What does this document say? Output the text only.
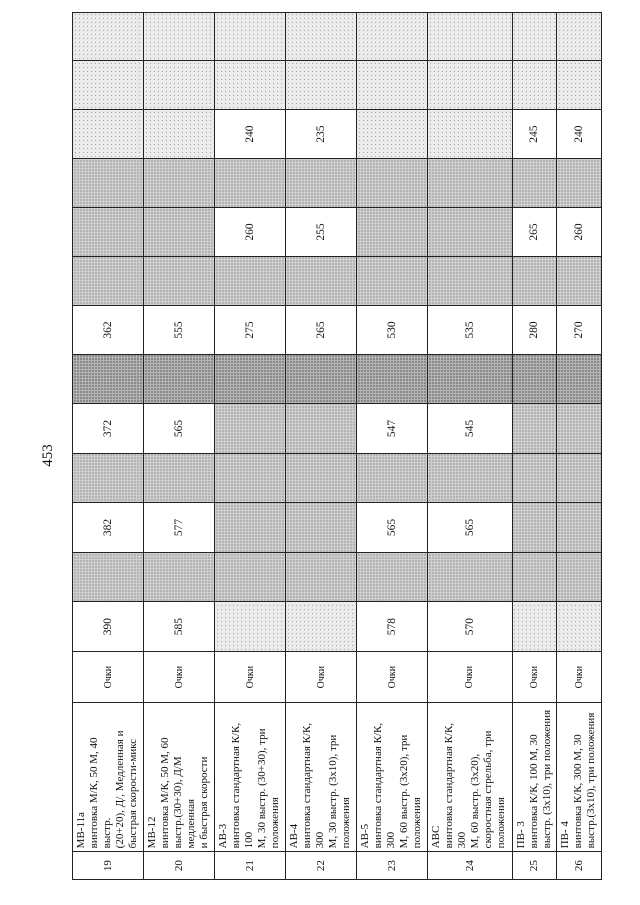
453
19	МВ-11а винтовка М/К, 50 М, 40 выстр. (20+20), Д/, Медленная и быстрая скорости-микс	Очки	390		382		372		362						
20	МВ-12 винтовка М/К, 50 М, 60 выстр.(30+30), Д/М медленная и быстрая скорости	Очки	585		577		565		555						
21	АВ-3 винтовка стандартная К/К, 100 М, 30 выстр. (30+30), три положения	Очки							275		260		240		
22	АВ-4 винтовка стандартная К/К, 300 М, 30 выстр. (3х10), три положения	Очки							265		255		235		
23	АВ-5 винтовка стандартная К/К, 300 М, 60 выстр. (3х20), три положения	Очки	578		565		547		530						
24	АВС винтовка стандартная К/К, 300 М, 60 выстр. (3х20), скоростная стрельба, три положения	Очки	570		565		545		535						
25	ПВ- 3 винтовка К/К, 100 М, 30 выстр. (3х10), три положения	Очки							280		265		245		
26	ПВ- 4 винтовка К/К, 300 М, 30 выстр.(3х10), три положения	Очки							270		260		240		
